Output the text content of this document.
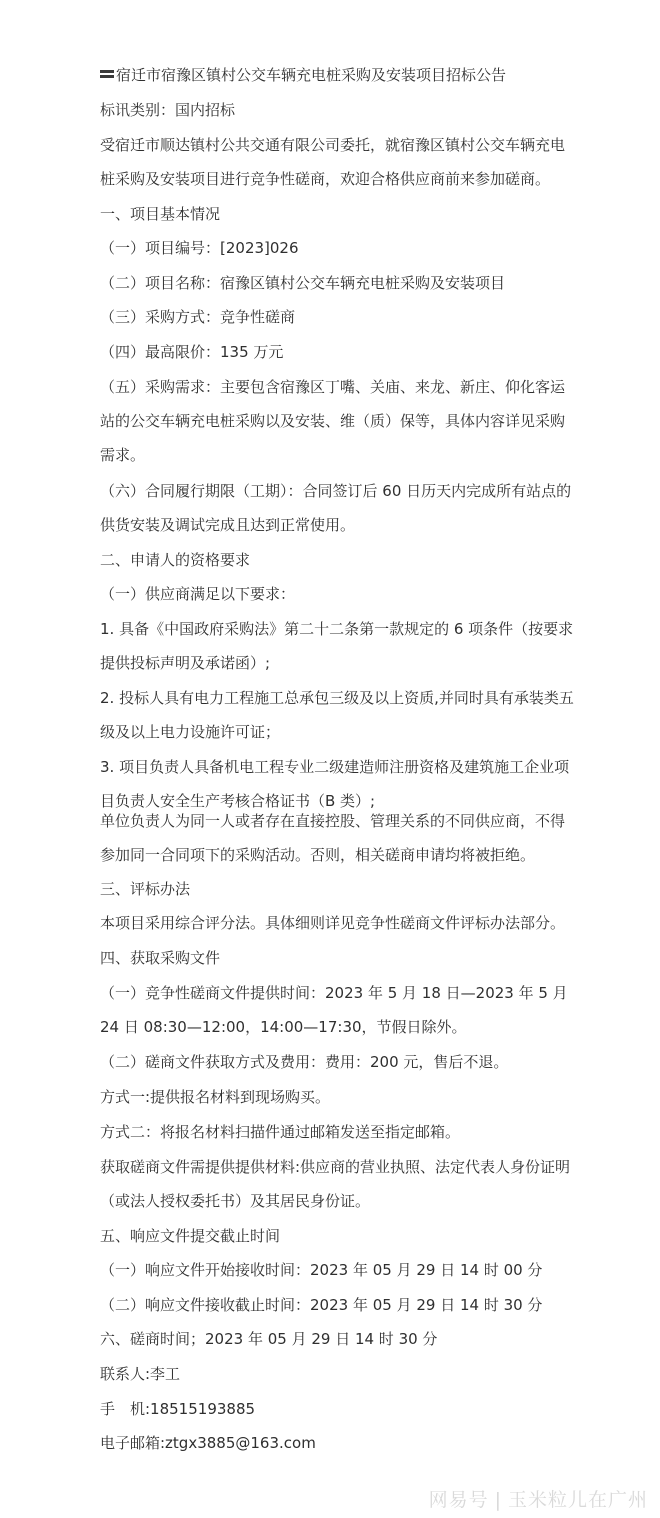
宿迁市宿豫区镇村公交车辆充电桩采购及安装项目招标公告
标讯类别：国内招标
受宿迁市顺达镇村公共交通有限公司委托，就宿豫区镇村公交车辆充电桩采购及安装项目进行竞争性磋商，欢迎合格供应商前来参加磋商。
一、项目基本情况
（一）项目编号：[2023]026
（二）项目名称：宿豫区镇村公交车辆充电桩采购及安装项目
（三）采购方式：竞争性磋商
（四）最高限价：135 万元
（五）采购需求：主要包含宿豫区丁嘴、关庙、来龙、新庄、仰化客运站的公交车辆充电桩采购以及安装、维（质）保等，具体内容详见采购需求。
（六）合同履行期限（工期）：合同签订后 60 日历天内完成所有站点的供货安装及调试完成且达到正常使用。
二、申请人的资格要求
（一）供应商满足以下要求：
1. 具备《中国政府采购法》第二十二条第一款规定的 6 项条件（按要求提供投标声明及承诺函）;
2. 投标人具有电力工程施工总承包三级及以上资质,并同时具有承装类五级及以上电力设施许可证；
3. 项目负责人具备机电工程专业二级建造师注册资格及建筑施工企业项目负责人安全生产考核合格证书（B 类）;
单位负责人为同一人或者存在直接控股、管理关系的不同供应商，不得参加同一合同项下的采购活动。否则，相关磋商申请均将被拒绝。
三、评标办法
本项目采用综合评分法。具体细则详见竞争性磋商文件评标办法部分。
四、获取采购文件
（一）竞争性磋商文件提供时间：2023 年 5 月 18 日—2023 年 5 月 24 日 08:30—12:00，14:00—17:30，节假日除外。
（二）磋商文件获取方式及费用：费用：200 元，售后不退。
方式一:提供报名材料到现场购买。
方式二：将报名材料扫描件通过邮箱发送至指定邮箱。
获取磋商文件需提供提供材料:供应商的营业执照、法定代表人身份证明（或法人授权委托书）及其居民身份证。
五、响应文件提交截止时间
（一）响应文件开始接收时间：2023 年 05 月 29 日 14 时 00 分
（二）响应文件接收截止时间：2023 年 05 月 29 日 14 时 30 分
六、磋商时间；2023 年 05 月 29 日 14 时 30 分
联系人:李工
手　机:18515193885
电子邮箱:ztgx3885@163.com
网易号 | 玉米粒儿在广州
